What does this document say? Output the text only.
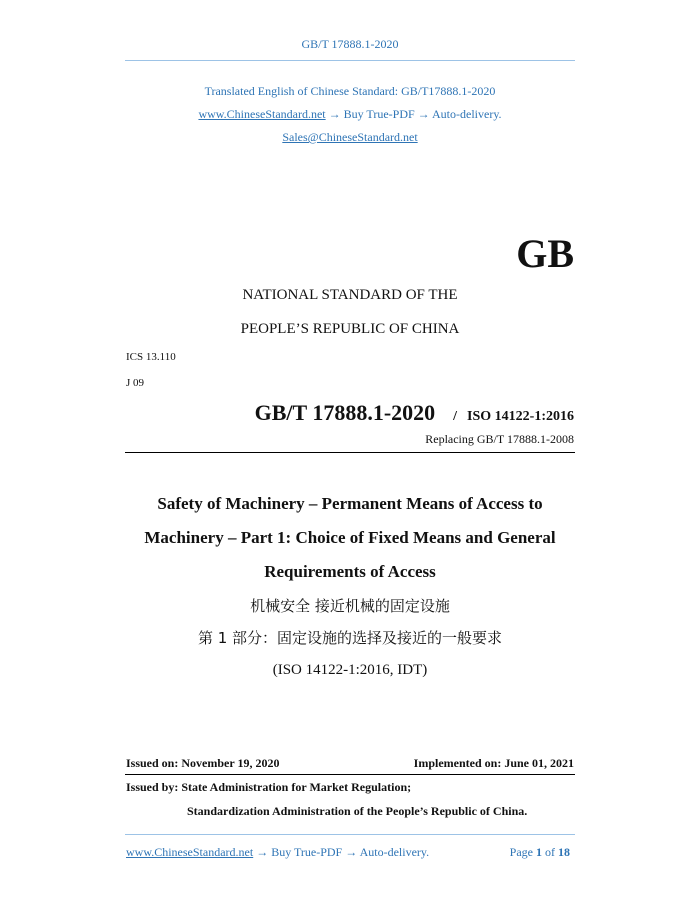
GB/T 17888.1-2020
Translated English of Chinese Standard: GB/T17888.1-2020
www.ChineseStandard.net → Buy True-PDF → Auto-delivery.
Sales@ChineseStandard.net
GB
NATIONAL STANDARD OF THE
PEOPLE’S REPUBLIC OF CHINA
ICS 13.110
J 09
GB/T 17888.1-2020 / ISO 14122-1:2016
Replacing GB/T 17888.1-2008
Safety of Machinery – Permanent Means of Access to
Machinery – Part 1: Choice of Fixed Means and General
Requirements of Access
机械安全 接近机械的固定设施
第 1 部分：固定设施的选择及接近的一般要求
(ISO 14122-1:2016, IDT)
Issued on: November 19, 2020	Implemented on: June 01, 2021
Issued by: State Administration for Market Regulation;
Standardization Administration of the People’s Republic of China.
www.ChineseStandard.net → Buy True-PDF → Auto-delivery.	Page 1 of 18
